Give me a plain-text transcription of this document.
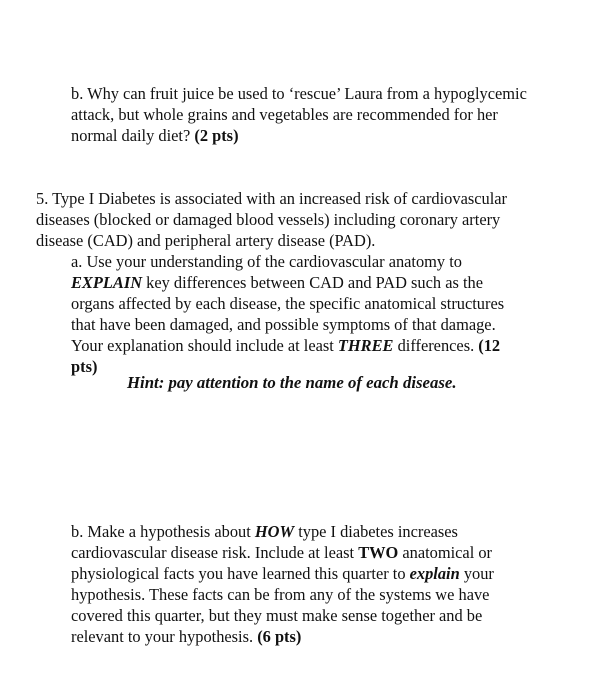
b. Why can fruit juice be used to ‘rescue’ Laura from a hypoglycemic
attack, but whole grains and vegetables are recommended for her
normal daily diet? (2 pts)
5. Type I Diabetes is associated with an increased risk of cardiovascular
diseases (blocked or damaged blood vessels) including coronary artery
disease (CAD) and peripheral artery disease (PAD).
a. Use your understanding of the cardiovascular anatomy to
EXPLAIN key differences between CAD and PAD such as the
organs affected by each disease, the specific anatomical structures
that have been damaged, and possible symptoms of that damage.
Your explanation should include at least THREE differences. (12
pts)
Hint: pay attention to the name of each disease.
b. Make a hypothesis about HOW type I diabetes increases
cardiovascular disease risk. Include at least TWO anatomical or
physiological facts you have learned this quarter to explain your
hypothesis. These facts can be from any of the systems we have
covered this quarter, but they must make sense together and be
relevant to your hypothesis. (6 pts)
